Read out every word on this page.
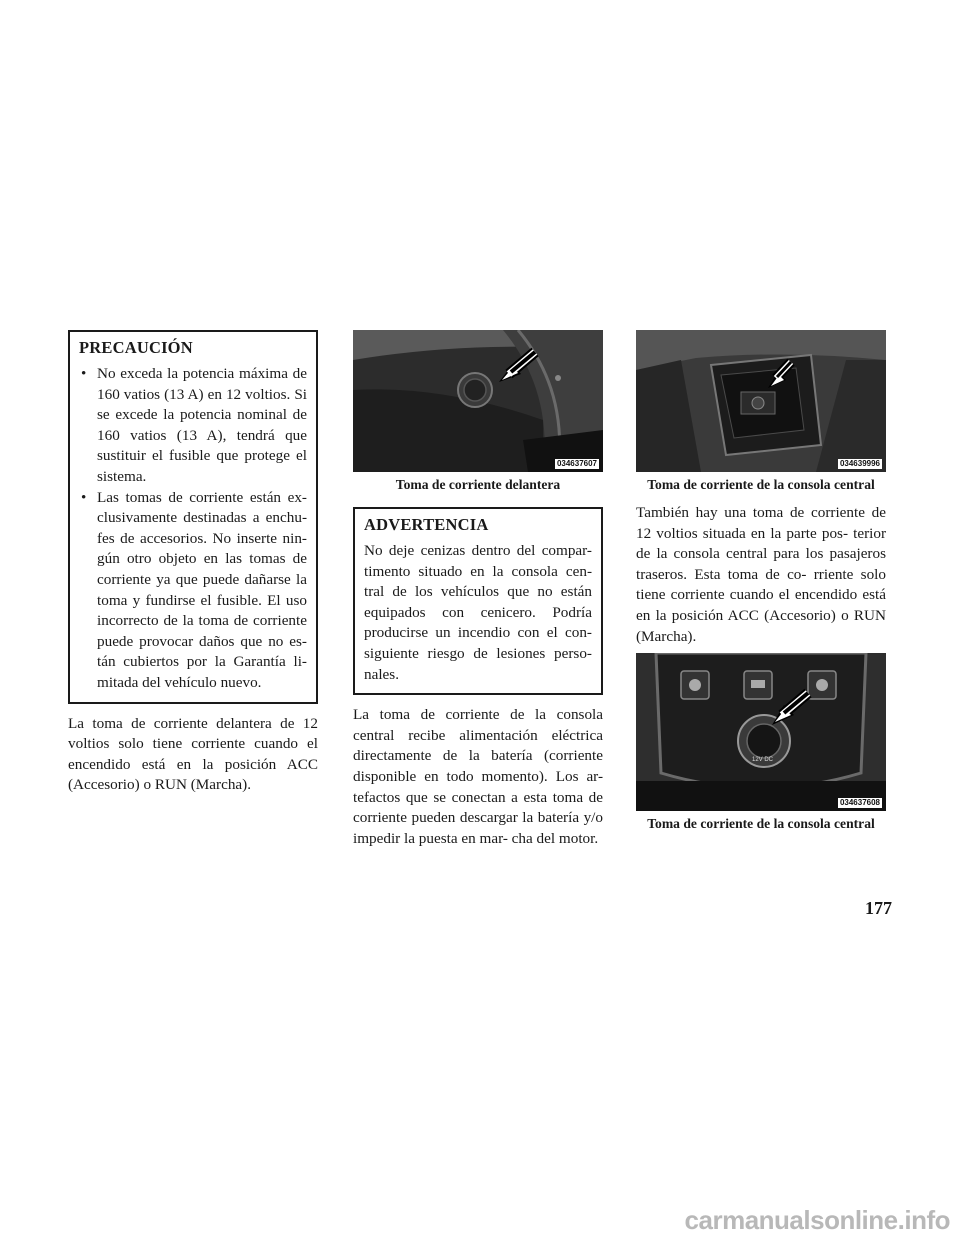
PRECAUCIÓN
• No exceda la potencia máxima de 160 vatios (13 A) en 12 voltios. Si se excede la potencia nominal de 160 vatios (13 A), tendrá que sustituir el fusible que protege el sistema.
• Las tomas de corriente están ex- clusivamente destinadas a enchu- fes de accesorios. No inserte nin- gún otro objeto en las tomas de corriente ya que puede dañarse la toma y fundirse el fusible. El uso incorrecto de la toma de corriente puede provocar daños que no es- tán cubiertos por la Garantía li- mitada del vehículo nuevo.

La toma de corriente delantera de 12 voltios solo tiene corriente cuando el encendido está en la posición ACC (Accesorio) o RUN (Marcha).

034637607
Toma de corriente delantera
ADVERTENCIA

No deje cenizas dentro del compar- timento situado en la consola cen- tral de los vehículos que no están equipados con cenicero. Podría producirse un incendio con el con- siguiente riesgo de lesiones perso- nales.

La toma de corriente de la consola central recibe alimentación eléctrica directamente de la batería (corriente disponible en todo momento). Los ar- tefactos que se conectan a esta toma de corriente pueden descargar la batería y/o impedir la puesta en mar- cha del motor.

034639996
Toma de corriente de la consola central

También hay una toma de corriente de 12 voltios situada en la parte pos- terior de la consola central para los pasajeros traseros. Esta toma de co- rriente solo tiene corriente cuando el encendido está en la posición ACC (Accesorio) o RUN (Marcha).

12V DC
034637608
Toma de corriente de la consola central
177
carmanualsonline.info
